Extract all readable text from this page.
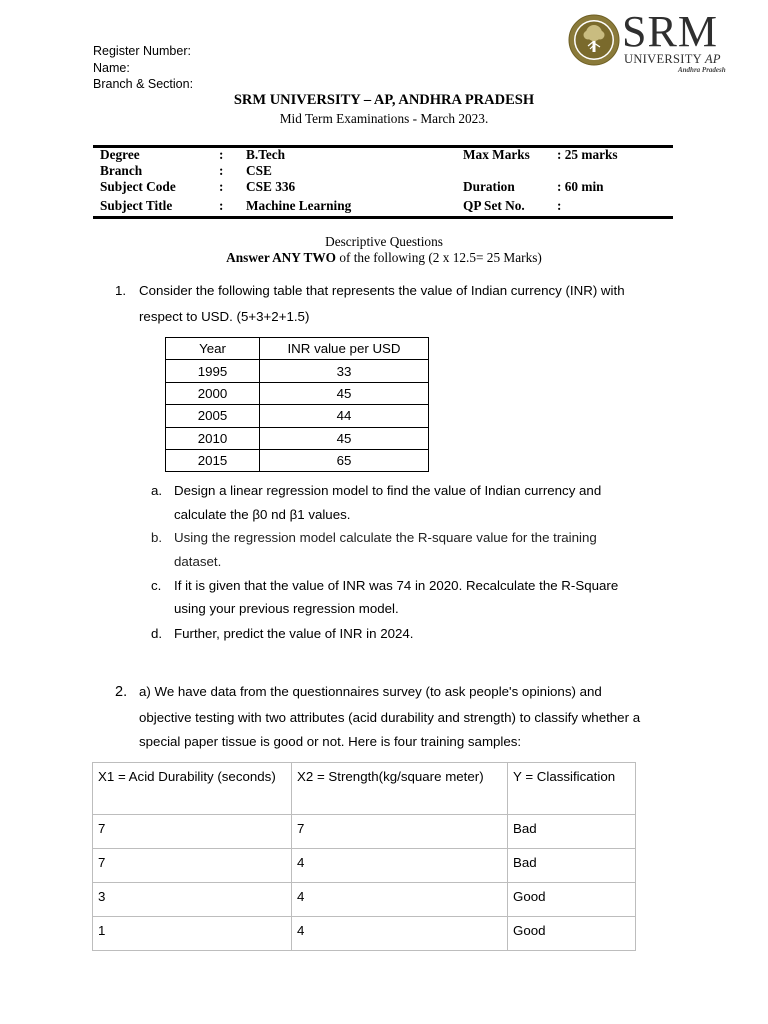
Register Number:
Name:
Branch & Section:
SRM
UNIVERSITY AP
Andhra Pradesh
SRM UNIVERSITY – AP, ANDHRA PRADESH
Mid Term Examinations - March 2023.
Degree	: B.Tech	Max Marks : 25 marks
Branch	: CSE
Subject Code	: CSE 336	Duration	: 60 min
Subject Title	: Machine Learning	QP Set No. :
Descriptive Questions
Answer ANY TWO of the following (2 x 12.5= 25 Marks)
1. Consider the following table that represents the value of Indian currency (INR) with
respect to USD. (5+3+2+1.5)
Year	INR value per USD
1995	33
2000	45
2005	44
2010	45
2015	65
a. Design a linear regression model to find the value of Indian currency and
calculate the β0 nd β1 values.
b. Using the regression model calculate the R-square value for the training
dataset.
c. If it is given that the value of INR was 74 in 2020. Recalculate the R-Square
using your previous regression model.
d. Further, predict the value of INR in 2024.
2. a) We have data from the questionnaires survey (to ask people's opinions) and
objective testing with two attributes (acid durability and strength) to classify whether a
special paper tissue is good or not. Here is four training samples:
X1 = Acid Durability (seconds)	X2 = Strength(kg/square meter)	Y = Classification
7	7	Bad
7	4	Bad
3	4	Good
1	4	Good
